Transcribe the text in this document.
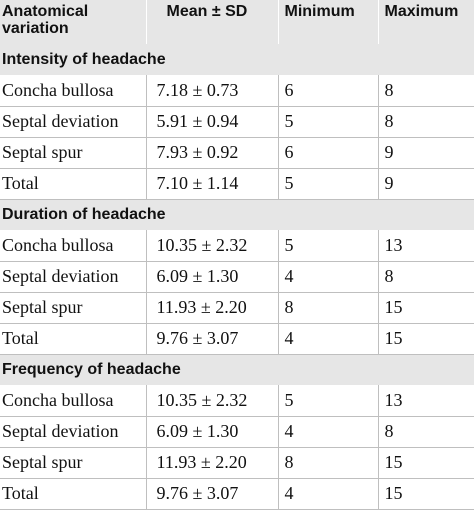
Anatomical variation	Mean ± SD	Minimum	Maximum
Intensity of headache			
Concha bullosa	7.18 ± 0.73	6	8
Septal deviation	5.91 ± 0.94	5	8
Septal spur	7.93 ± 0.92	6	9
Total	7.10 ± 1.14	5	9
Duration of headache			
Concha bullosa	10.35 ± 2.32	5	13
Septal deviation	6.09 ± 1.30	4	8
Septal spur	11.93 ± 2.20	8	15
Total	9.76 ± 3.07	4	15
Frequency of headache			
Concha bullosa	10.35 ± 2.32	5	13
Septal deviation	6.09 ± 1.30	4	8
Septal spur	11.93 ± 2.20	8	15
Total	9.76 ± 3.07	4	15
